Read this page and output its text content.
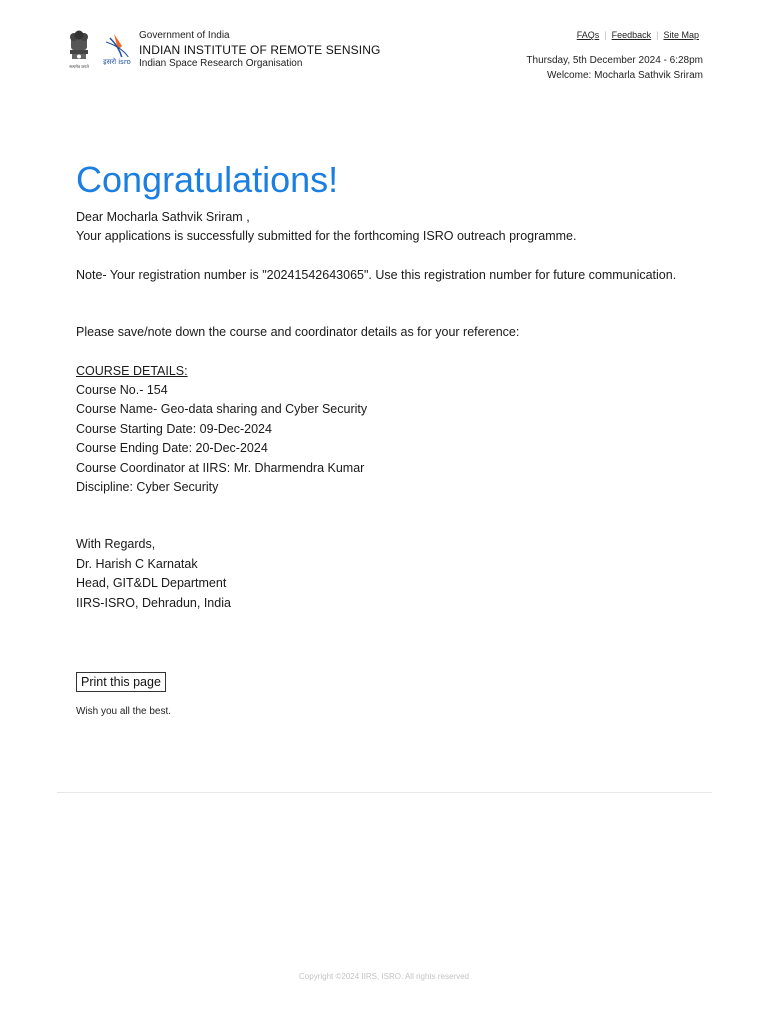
सत्यमेव जयते
इसरो isro
Government of India
INDIAN INSTITUTE OF REMOTE SENSING
Indian Space Research Organisation
FAQs | Feedback | Site Map
Thursday, 5th December 2024 - 6:28pm
Welcome: Mocharla Sathvik Sriram
Congratulations!

Dear Mocharla Sathvik Sriram ,

Your applications is successfully submitted for the forthcoming ISRO outreach programme.

Note- Your registration number is "20241542643065". Use this registration number for future communication.

Please save/note down the course and coordinator details as for your reference:

COURSE DETAILS:

Course No.- 154

Course Name- Geo-data sharing and Cyber Security

Course Starting Date: 09-Dec-2024

Course Ending Date: 20-Dec-2024

Course Coordinator at IIRS: Mr. Dharmendra Kumar

Discipline: Cyber Security

With Regards,

Dr. Harish C Karnatak

Head, GIT&DL Department

IIRS-ISRO, Dehradun, India

Print this page
Wish you all the best.
Copyright ©2024 IIRS, ISRO. All rights reserved
